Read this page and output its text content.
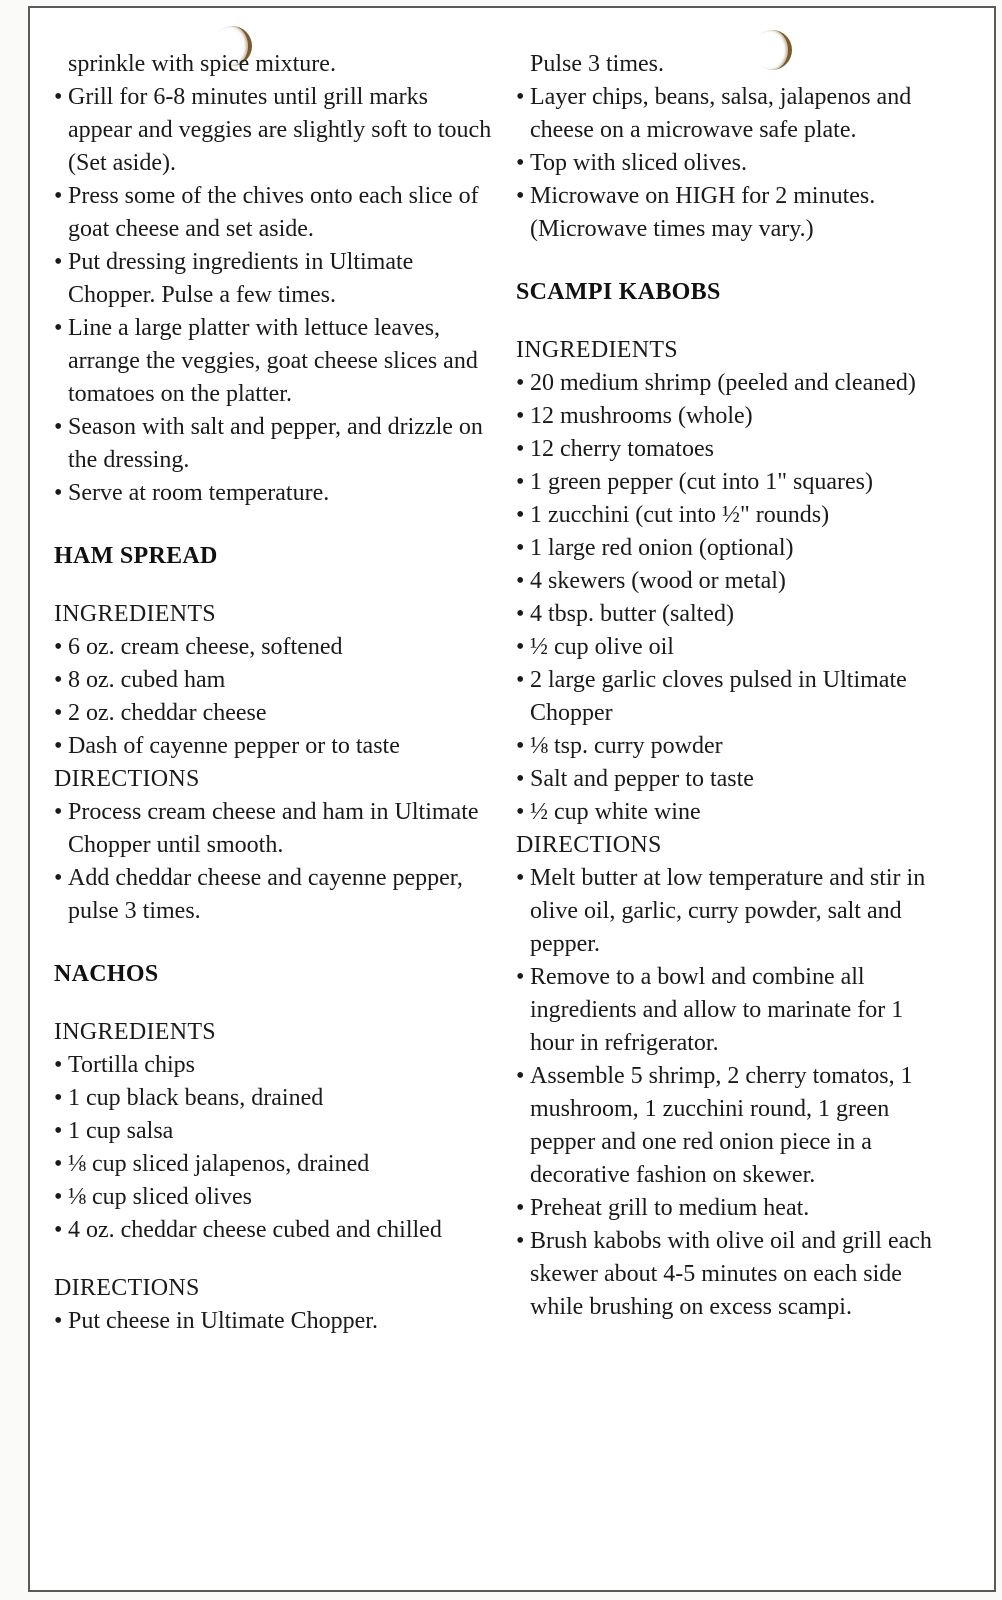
sprinkle with spice mixture.

• Grill for 6-8 minutes until grill marks appear and veggies are slightly soft to touch (Set aside).
• Press some of the chives onto each slice of goat cheese and set aside.
• Put dressing ingredients in Ultimate Chopper. Pulse a few times.
• Line a large platter with lettuce leaves, arrange the veggies, goat cheese slices and tomatoes on the platter.
• Season with salt and pepper, and drizzle on the dressing.
• Serve at room temperature.
HAM SPREAD

INGREDIENTS

• 6 oz. cream cheese, softened
• 8 oz. cubed ham
• 2 oz. cheddar cheese
• Dash of cayenne pepper or to taste

DIRECTIONS

• Process cream cheese and ham in Ultimate Chopper until smooth.
• Add cheddar cheese and cayenne pepper, pulse 3 times.
NACHOS

INGREDIENTS

• Tortilla chips
• 1 cup black beans, drained
• 1 cup salsa
• ⅛ cup sliced jalapenos, drained
• ⅛ cup sliced olives
• 4 oz. cheddar cheese cubed and chilled

DIRECTIONS

• Put cheese in Ultimate Chopper.

Pulse 3 times.

• Layer chips, beans, salsa, jalapenos and cheese on a microwave safe plate.
• Top with sliced olives.
• Microwave on HIGH for 2 minutes. (Microwave times may vary.)
SCAMPI KABOBS

INGREDIENTS

• 20 medium shrimp (peeled and cleaned)
• 12 mushrooms (whole)
• 12 cherry tomatoes
• 1 green pepper (cut into 1" squares)
• 1 zucchini (cut into ½" rounds)
• 1 large red onion (optional)
• 4 skewers (wood or metal)
• 4 tbsp. butter (salted)
• ½ cup olive oil
• 2 large garlic cloves pulsed in Ultimate Chopper
• ⅛ tsp. curry powder
• Salt and pepper to taste
• ½ cup white wine

DIRECTIONS

• Melt butter at low temperature and stir in olive oil, garlic, curry powder, salt and pepper.
• Remove to a bowl and combine all ingredients and allow to marinate for 1 hour in refrigerator.
• Assemble 5 shrimp, 2 cherry tomatos, 1 mushroom, 1 zucchini round, 1 green pepper and one red onion piece in a decorative fashion on skewer.
• Preheat grill to medium heat.
• Brush kabobs with olive oil and grill each skewer about 4-5 minutes on each side while brushing on excess scampi.
